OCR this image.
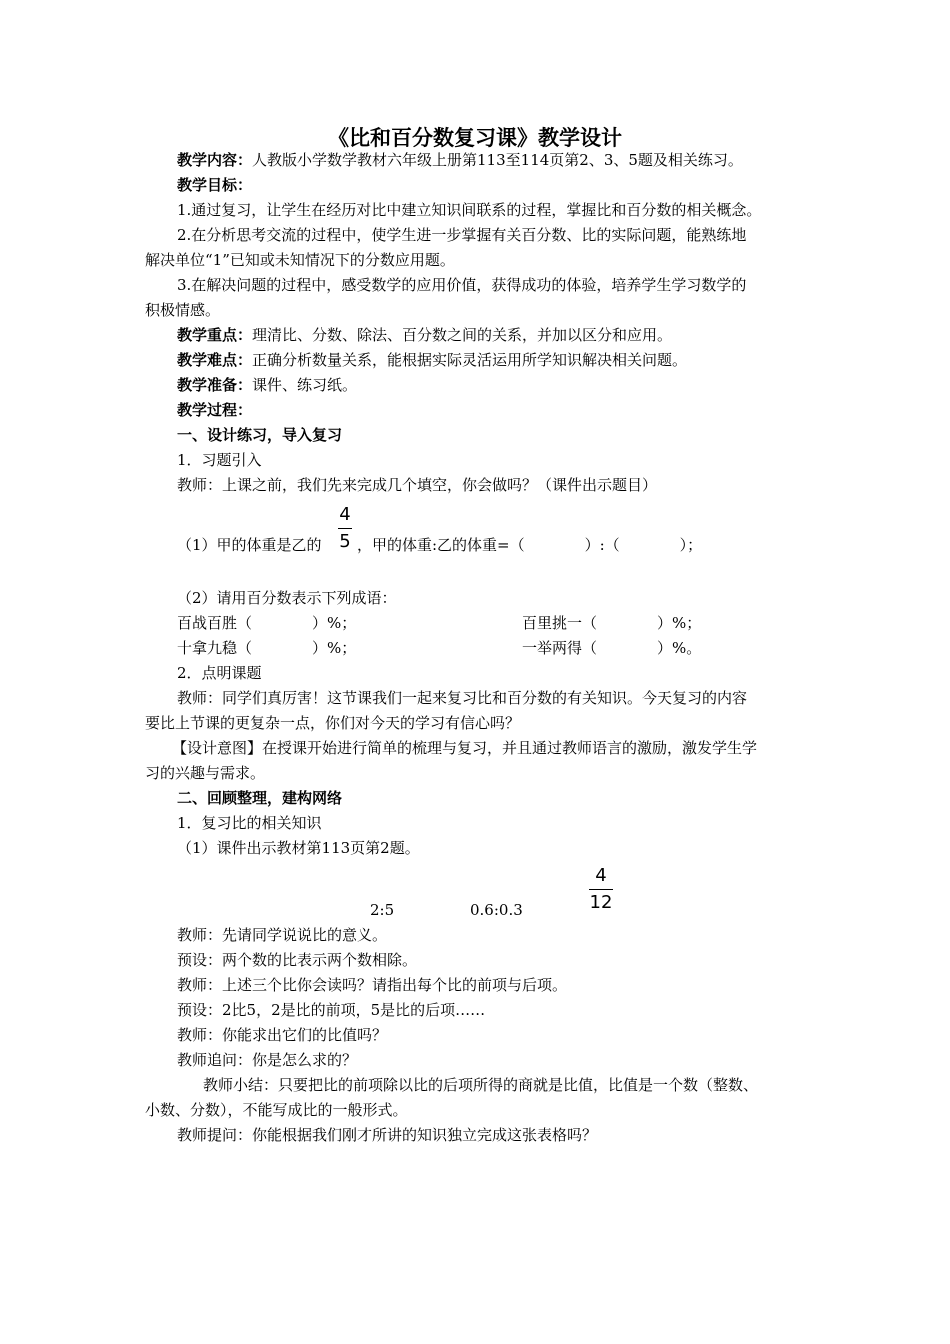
《比和百分数复习课》教学设计
教学内容：人教版小学数学教材六年级上册第113至114页第2、3、5题及相关练习。
教学目标：
1.通过复习，让学生在经历对比中建立知识间联系的过程，掌握比和百分数的相关概念。
2.在分析思考交流的过程中，使学生进一步掌握有关百分数、比的实际问题，能熟练地
解决单位“1”已知或未知情况下的分数应用题。
3.在解决问题的过程中，感受数学的应用价值，获得成功的体验，培养学生学习数学的
积极情感。
教学重点：理清比、分数、除法、百分数之间的关系，并加以区分和应用。
教学难点：正确分析数量关系，能根据实际灵活运用所学知识解决相关问题。
教学准备：课件、练习纸。
教学过程：
一、设计练习，导入复习
1．习题引入
教师：上课之前，我们先来完成几个填空，你会做吗？（课件出示题目）
（1）甲的体重是乙的
4
5 ，甲的体重:乙的体重=（　　　　）:（　　　　）；
（2）请用百分数表示下列成语：
百战百胜（　　　　）%；	百里挑一（　　　　）%；
十拿九稳（　　　　）%；	一举两得（　　　　）%。
2．点明课题
教师：同学们真厉害！这节课我们一起来复习比和百分数的有关知识。今天复习的内容
要比上节课的更复杂一点，你们对今天的学习有信心吗？
【设计意图】在授课开始进行简单的梳理与复习，并且通过教师语言的激励，激发学生学
习的兴趣与需求。
二、回顾整理，建构网络
1．复习比的相关知识
（1）课件出示教材第113页第2题。
2:5	0.6:0.3
4
12
教师：先请同学说说比的意义。
预设：两个数的比表示两个数相除。
教师：上述三个比你会读吗？请指出每个比的前项与后项。
预设：2比5，2是比的前项，5是比的后项……
教师：你能求出它们的比值吗？
教师追问：你是怎么求的？
教师小结：只要把比的前项除以比的后项所得的商就是比值，比值是一个数（整数、
小数、分数），不能写成比的一般形式。
教师提问：你能根据我们刚才所讲的知识独立完成这张表格吗？
